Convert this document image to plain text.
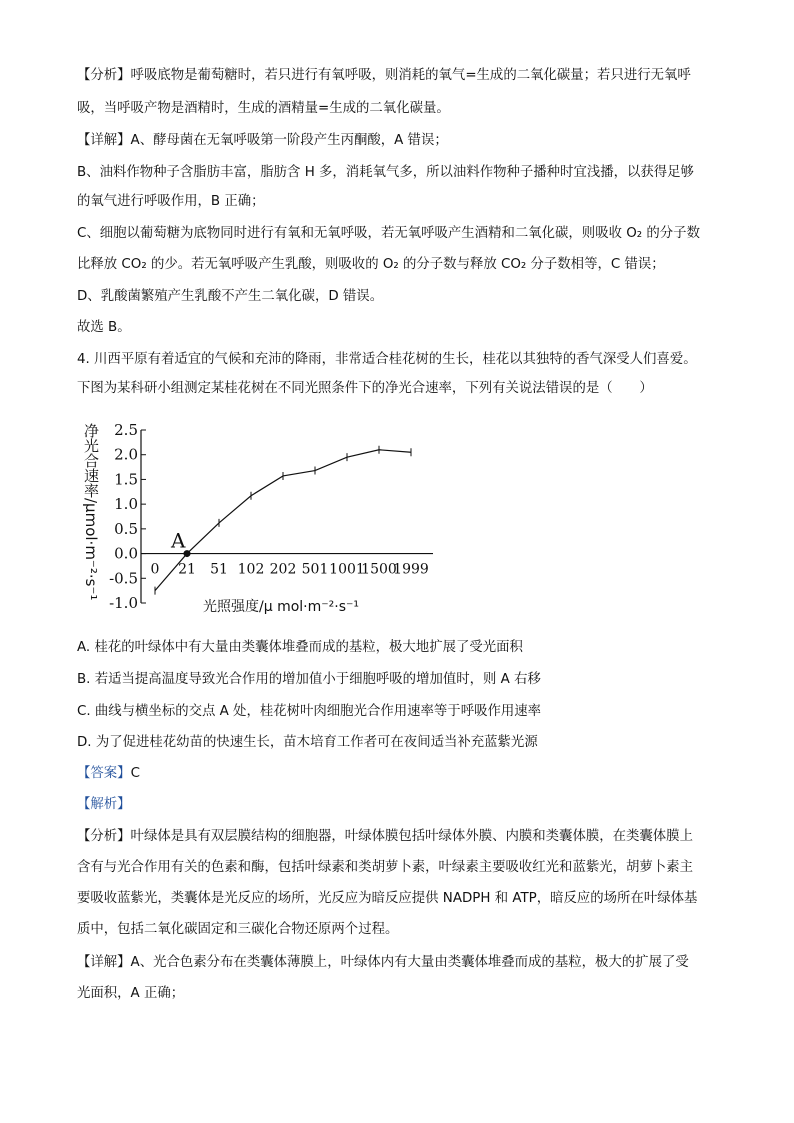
【分析】呼吸底物是葡萄糖时，若只进行有氧呼吸，则消耗的氧气=生成的二氧化碳量；若只进行无氧呼
吸，当呼吸产物是酒精时，生成的酒精量=生成的二氧化碳量。
【详解】A、酵母菌在无氧呼吸第一阶段产生丙酮酸，A 错误；
B、油料作物种子含脂肪丰富，脂肪含 H 多，消耗氧气多，所以油料作物种子播种时宜浅播，以获得足够
的氧气进行呼吸作用，B 正确；
C、细胞以葡萄糖为底物同时进行有氧和无氧呼吸，若无氧呼吸产生酒精和二氧化碳，则吸收 O₂ 的分子数
比释放 CO₂ 的少。若无氧呼吸产生乳酸，则吸收的 O₂ 的分子数与释放 CO₂ 分子数相等，C 错误；
D、乳酸菌繁殖产生乳酸不产生二氧化碳，D 错误。
故选 B。
4. 川西平原有着适宜的气候和充沛的降雨，非常适合桂花树的生长，桂花以其独特的香气深受人们喜爱。
下图为某科研小组测定某桂花树在不同光照条件下的净光合速率，下列有关说法错误的是（　　）
净光合速率/μmol·m⁻²·s⁻¹ 2.5
2.0
1.5
1.0
0.5
0.0
-0.5
-1.0
0 21 51 102 202 501 1001
1500
1999
A
光照强度/μ mol·m⁻²·s⁻¹
A. 桂花的叶绿体中有大量由类囊体堆叠而成的基粒，极大地扩展了受光面积
B. 若适当提高温度导致光合作用的增加值小于细胞呼吸的增加值时，则 A 右移
C. 曲线与横坐标的交点 A 处，桂花树叶肉细胞光合作用速率等于呼吸作用速率
D. 为了促进桂花幼苗的快速生长，苗木培育工作者可在夜间适当补充蓝紫光源
【答案】C
【解析】
【分析】叶绿体是具有双层膜结构的细胞器，叶绿体膜包括叶绿体外膜、内膜和类囊体膜，在类囊体膜上
含有与光合作用有关的色素和酶，包括叶绿素和类胡萝卜素，叶绿素主要吸收红光和蓝紫光，胡萝卜素主
要吸收蓝紫光，类囊体是光反应的场所，光反应为暗反应提供 NADPH 和 ATP，暗反应的场所在叶绿体基
质中，包括二氧化碳固定和三碳化合物还原两个过程。
【详解】A、光合色素分布在类囊体薄膜上，叶绿体内有大量由类囊体堆叠而成的基粒，极大的扩展了受
光面积，A 正确；
